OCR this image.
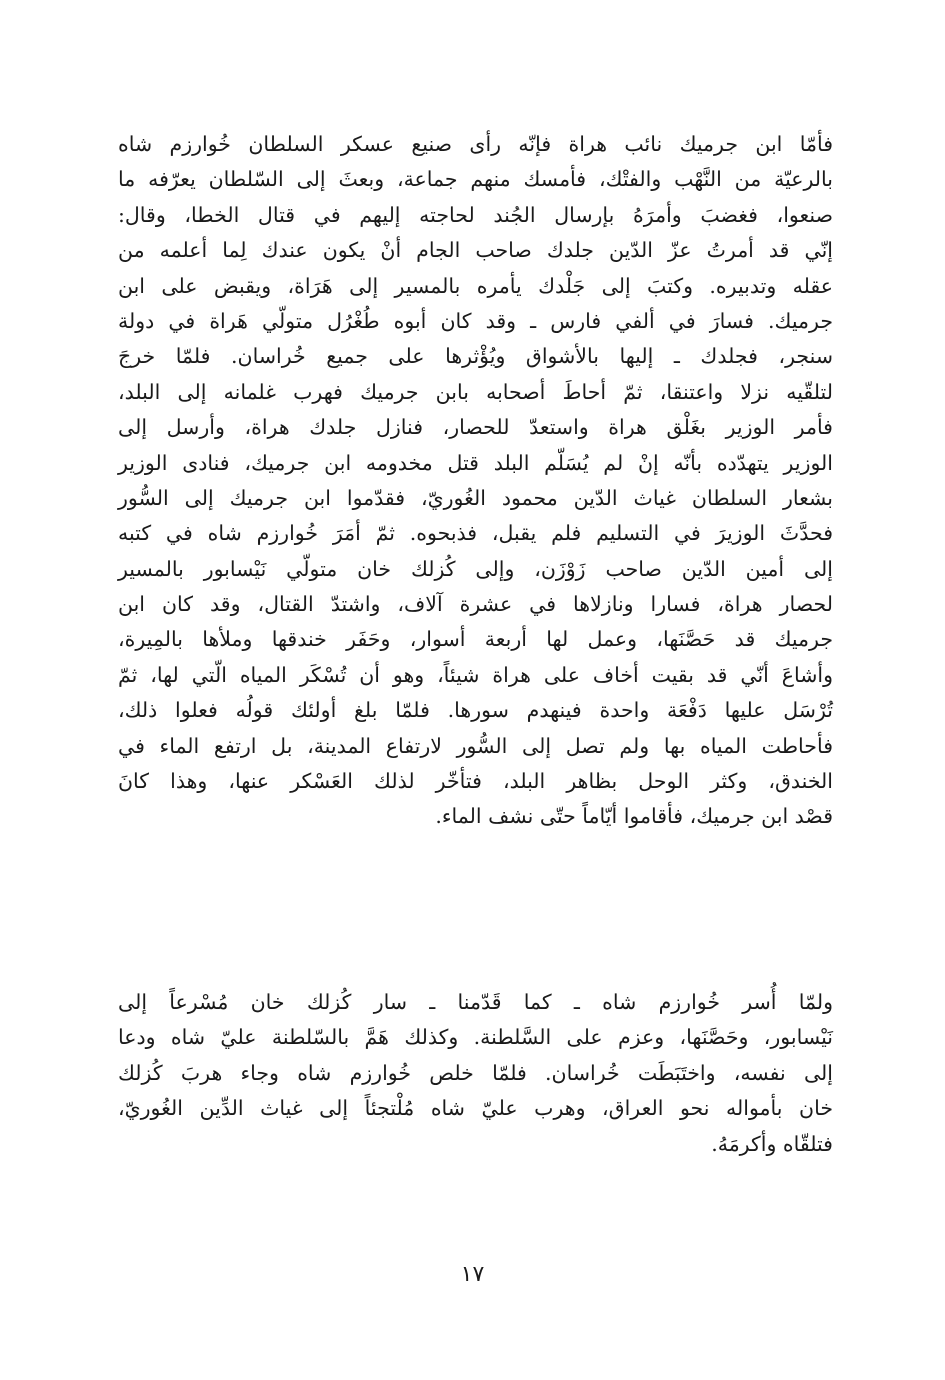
فأمّا ابن جرميك نائب هراة فإنّه رأى صنيع عسكر السلطان خُوارزم شاه
بالرعيّة من النَّهْب والفتْك، فأمسك منهم جماعة، وبعثَ إلى السّلطان يعرّفه ما
صنعوا، فغضبَ وأمرَهُ بإرسال الجُند لحاجته إليهم في قتال الخطا، وقال:
إنّي قد أمرتُ عزّ الدّين جلدك صاحب الجام أنْ يكون عندك لِما أعلمه من
عقله وتدبيره. وكتبَ إلى جَلْدك يأمره بالمسير إلى هَرَاة، ويقبض على ابن
جرميك. فسارَ في ألفي فارس ـ وقد كان أبوه طُغْرُل متولّي هَراة في دولة
سنجر، فجلدك ـ إليها بالأشواق ويُؤْثرها على جميع خُراسان. فلمّا خرجَ
لتلقّيه نزلا واعتنقا، ثمّ أحاطَ أصحابه بابن جرميك فهرب غلمانه إلى البلد،
فأمر الوزير بغَلْق هراة واستعدّ للحصار، فنازل جلدك هراة، وأرسل إلى
الوزير يتهدّده بأنّه إنْ لم يُسَلّم البلد قتل مخدومه ابن جرميك، فنادى الوزير
بشعار السلطان غياث الدّين محمود الغُوريّ، فقدّموا ابن جرميك إلى السُّور
فحدَّثَ الوزيرَ في التسليم فلم يقبل، فذبحوه. ثمّ أمَرَ خُوارزم شاه في كتبه
إلى أمين الدّين صاحب زَوْزَن، وإلى كُزلك خان متولّي نَيْسابور بالمسير
لحصار هراة، فسارا ونازلاها في عشرة آلاف، واشتدّ القتال، وقد كان ابن
جرميك قد حَصَّنَها، وعمل لها أربعة أسوار، وحَفَر خندقها وملأها بالمِيرة،
وأشاعَ أنّي قد بقيت أخاف على هراة شيئاً، وهو أن تُسْكَر المياه الّتي لها، ثمّ
تُرْسَل عليها دَفْعَة واحدة فينهدم سورها. فلمّا بلغ أولئك قولُه فعلوا ذلك،
فأحاطت المياه بها ولم تصل إلى السُّور لارتفاع المدينة، بل ارتفع الماء في
الخندق، وكثر الوحل بظاهر البلد، فتأخّر لذلك العَسْكر عنها، وهذا كانَ
قصْد ابن جرميك، فأقاموا أيّاماً حتّى نشف الماء.
ولمّا أُسر خُوارزم شاه ـ كما قَدّمنا ـ سار كُزلك خان مُسْرعاً إلى
نَيْسابور، وحَصَّنَها، وعزم على السَّلطنة. وكذلك هَمَّ بالسّلطنة عليّ شاه ودعا
إلى نفسه، واختَبَطَت خُراسان. فلمّا خلص خُوارزم شاه وجاء هربَ كُزلك
خان بأمواله نحو العراق، وهرب عليّ شاه مُلْتجئاً إلى غياث الدِّين الغُوريّ،
فتلقّاه وأكرمَهُ.
١٧
